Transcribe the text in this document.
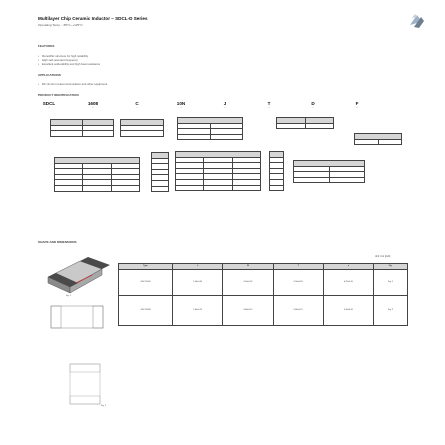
Multilayer Chip Ceramic Inductor – SDCL-D Series
Operating Temp.: -55°C~+125°C
FEATURES
• Monolithic structure for high reliability
• High self-resonant frequency
• Excellent solderability and high heat resistance
APPLICATIONS
• RF circuit in telecommunication and other equipment
PRODUCT IDENTIFICATION
SDCL
Ⓐ
1608
Ⓑ
C
Ⓒ
10N
Ⓓ
J
Ⓔ
T
Ⓕ
D
Ⓖ
F
Ⓗ

SHAPE AND DIMENSIONS
Unit: mm [inch]
Fig. 1
Fig. 2
Type	L	W	T	a	Fig.
SDCL1005	1.00±0.05	0.50±0.05	0.50±0.05	0.25±0.10	Fig. 1
SDCL1608	1.60±0.15	0.80±0.15	0.80±0.15	0.30±0.20	Fig. 2
